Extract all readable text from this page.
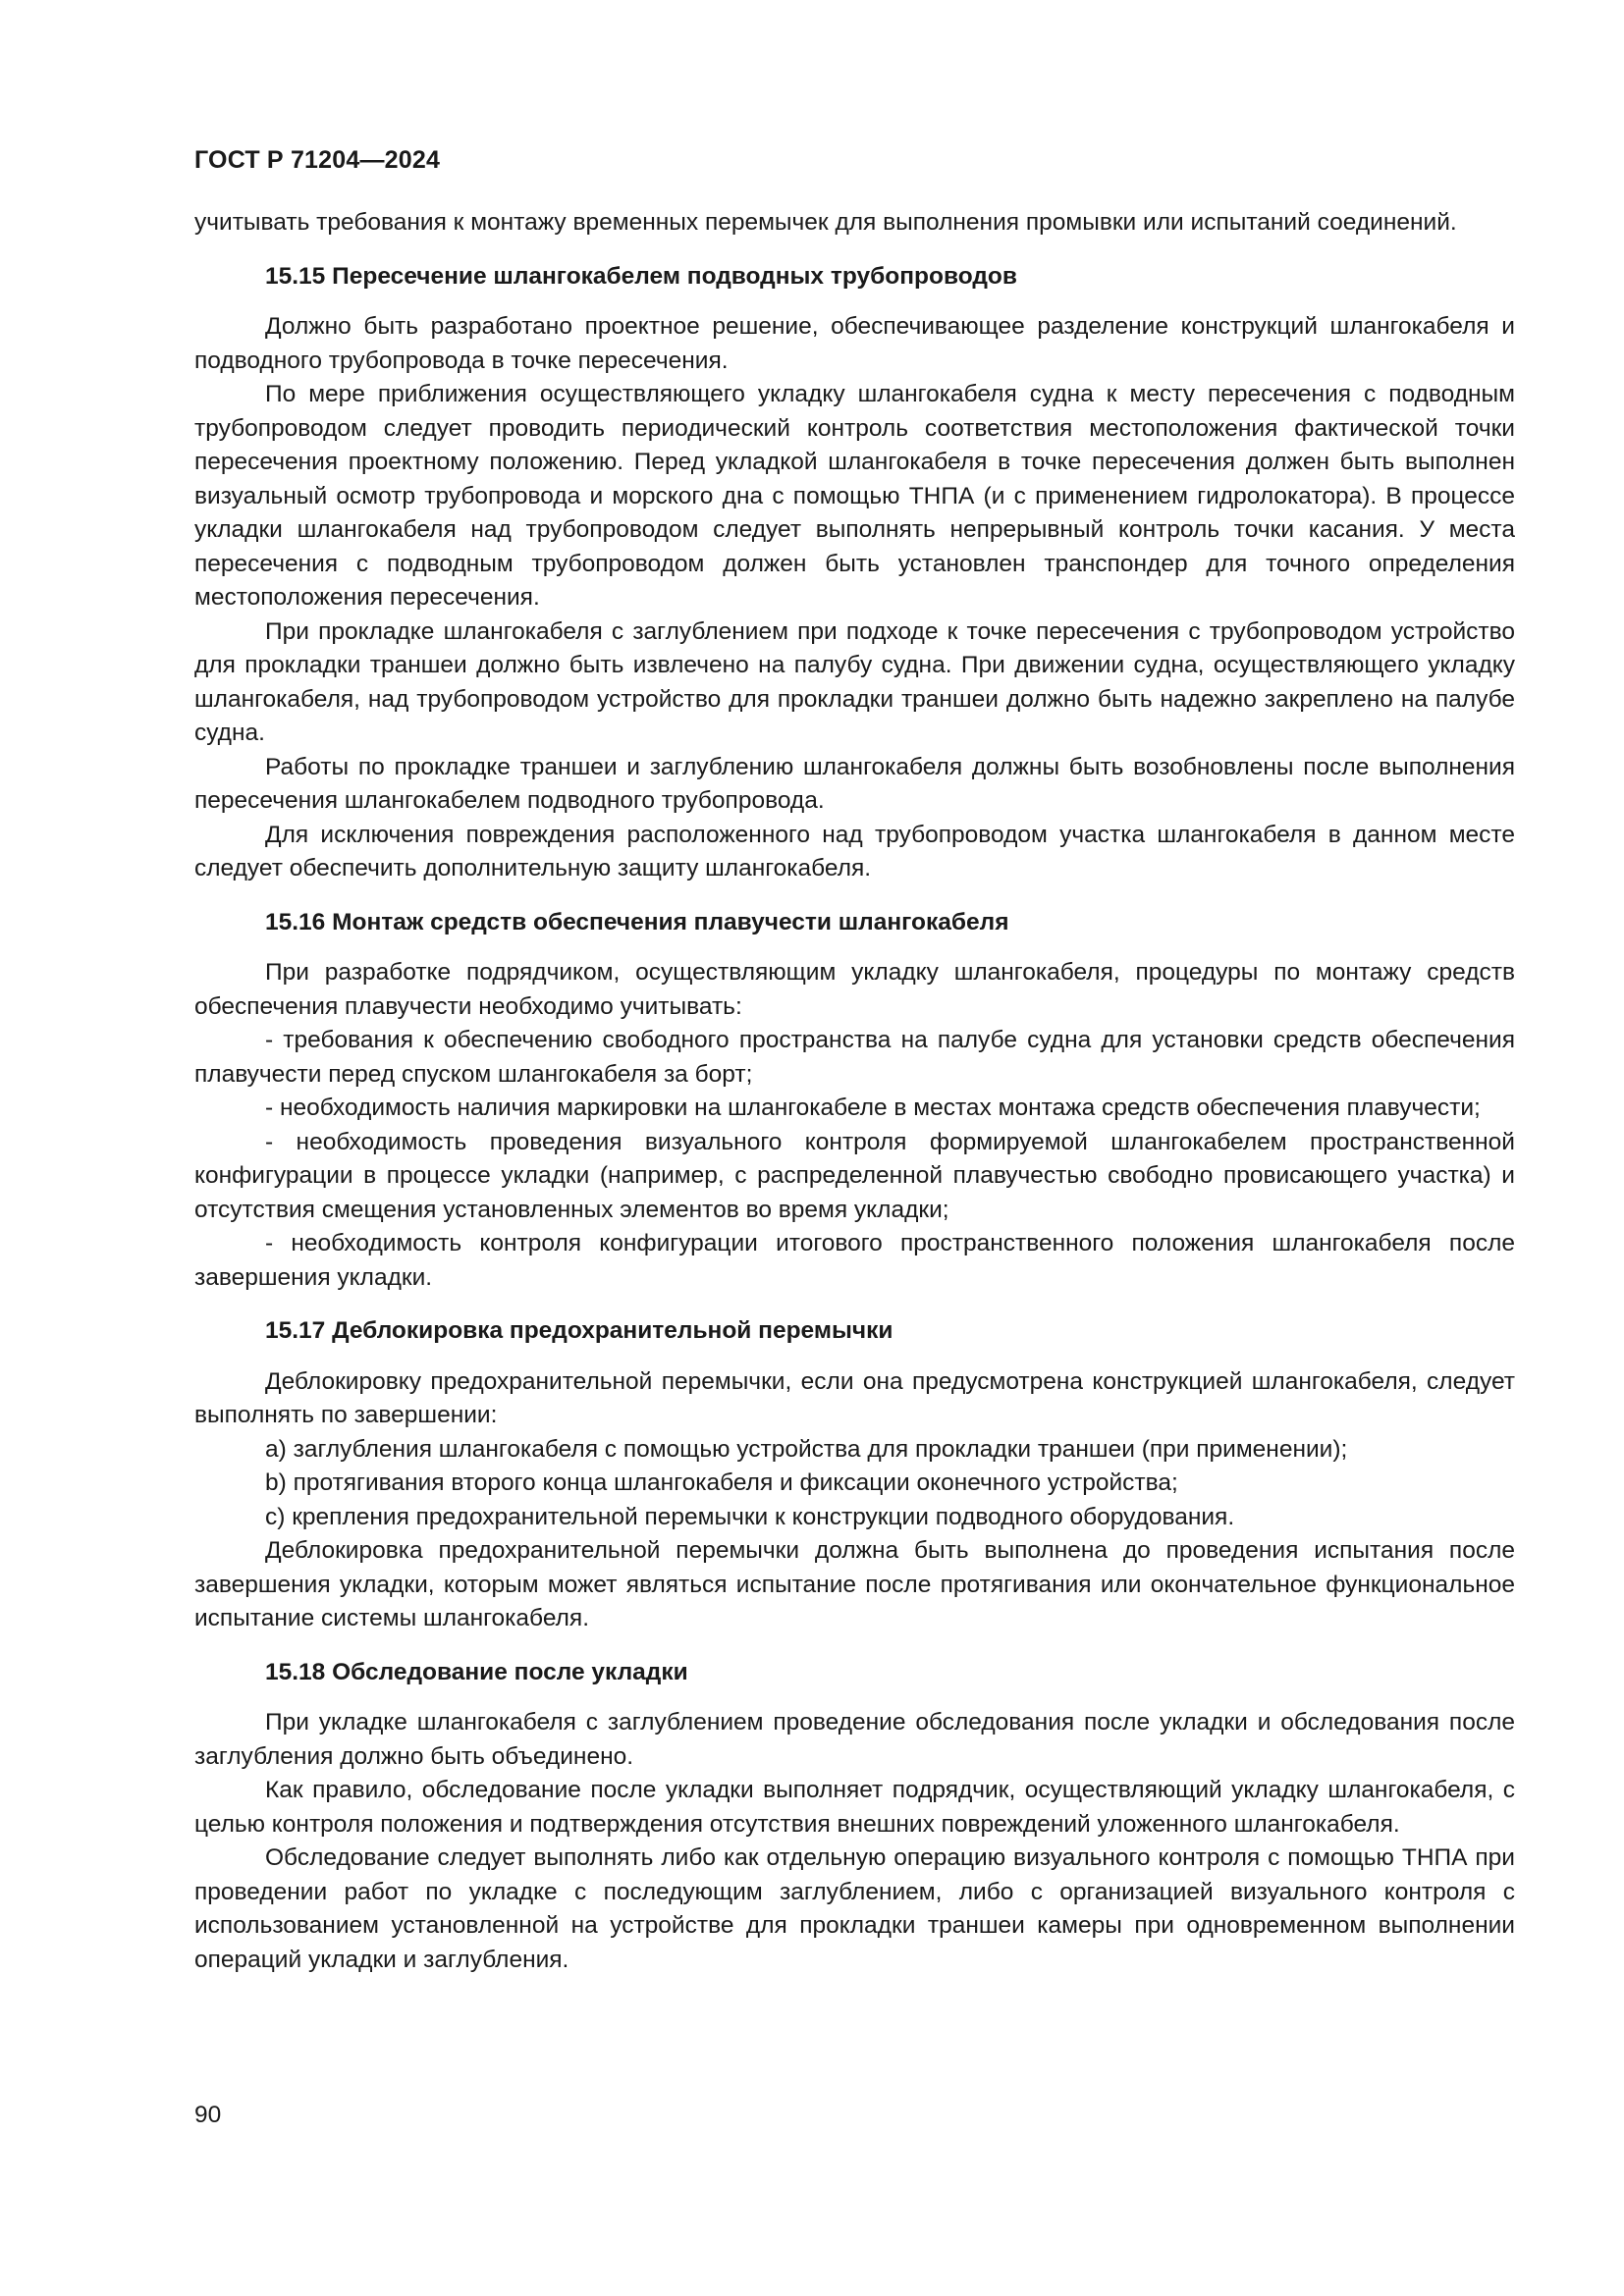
ГОСТ Р 71204—2024

учитывать требования к монтажу временных перемычек для выполнения промывки или испытаний соединений.

15.15 Пересечение шлангокабелем подводных трубопроводов

Должно быть разработано проектное решение, обеспечивающее разделение конструкций шлангокабеля и подводного трубопровода в точке пересечения.

По мере приближения осуществляющего укладку шлангокабеля судна к месту пересечения с подводным трубопроводом следует проводить периодический контроль соответствия местоположения фактической точки пересечения проектному положению. Перед укладкой шлангокабеля в точке пересечения должен быть выполнен визуальный осмотр трубопровода и морского дна с помощью ТНПА (и с применением гидролокатора). В процессе укладки шлангокабеля над трубопроводом следует выполнять непрерывный контроль точки касания. У места пересечения с подводным трубопроводом должен быть установлен транспондер для точного определения местоположения пересечения.

При прокладке шлангокабеля с заглублением при подходе к точке пересечения с трубопроводом устройство для прокладки траншеи должно быть извлечено на палубу судна. При движении судна, осуществляющего укладку шлангокабеля, над трубопроводом устройство для прокладки траншеи должно быть надежно закреплено на палубе судна.

Работы по прокладке траншеи и заглублению шлангокабеля должны быть возобновлены после выполнения пересечения шлангокабелем подводного трубопровода.

Для исключения повреждения расположенного над трубопроводом участка шлангокабеля в данном месте следует обеспечить дополнительную защиту шлангокабеля.

15.16 Монтаж средств обеспечения плавучести шлангокабеля

При разработке подрядчиком, осуществляющим укладку шлангокабеля, процедуры по монтажу средств обеспечения плавучести необходимо учитывать:

- требования к обеспечению свободного пространства на палубе судна для установки средств обеспечения плавучести перед спуском шлангокабеля за борт;

- необходимость наличия маркировки на шлангокабеле в местах монтажа средств обеспечения плавучести;

- необходимость проведения визуального контроля формируемой шлангокабелем пространственной конфигурации в процессе укладки (например, с распределенной плавучестью свободно провисающего участка) и отсутствия смещения установленных элементов во время укладки;

- необходимость контроля конфигурации итогового пространственного положения шлангокабеля после завершения укладки.

15.17 Деблокировка предохранительной перемычки

Деблокировку предохранительной перемычки, если она предусмотрена конструкцией шлангокабеля, следует выполнять по завершении:

a) заглубления шлангокабеля с помощью устройства для прокладки траншеи (при применении);

b) протягивания второго конца шлангокабеля и фиксации оконечного устройства;

c) крепления предохранительной перемычки к конструкции подводного оборудования.

Деблокировка предохранительной перемычки должна быть выполнена до проведения испытания после завершения укладки, которым может являться испытание после протягивания или окончательное функциональное испытание системы шлангокабеля.

15.18 Обследование после укладки

При укладке шлангокабеля с заглублением проведение обследования после укладки и обследования после заглубления должно быть объединено.

Как правило, обследование после укладки выполняет подрядчик, осуществляющий укладку шлангокабеля, с целью контроля положения и подтверждения отсутствия внешних повреждений уложенного шлангокабеля.

Обследование следует выполнять либо как отдельную операцию визуального контроля с помощью ТНПА при проведении работ по укладке с последующим заглублением, либо с организацией визуального контроля с использованием установленной на устройстве для прокладки траншеи камеры при одновременном выполнении операций укладки и заглубления.

90
